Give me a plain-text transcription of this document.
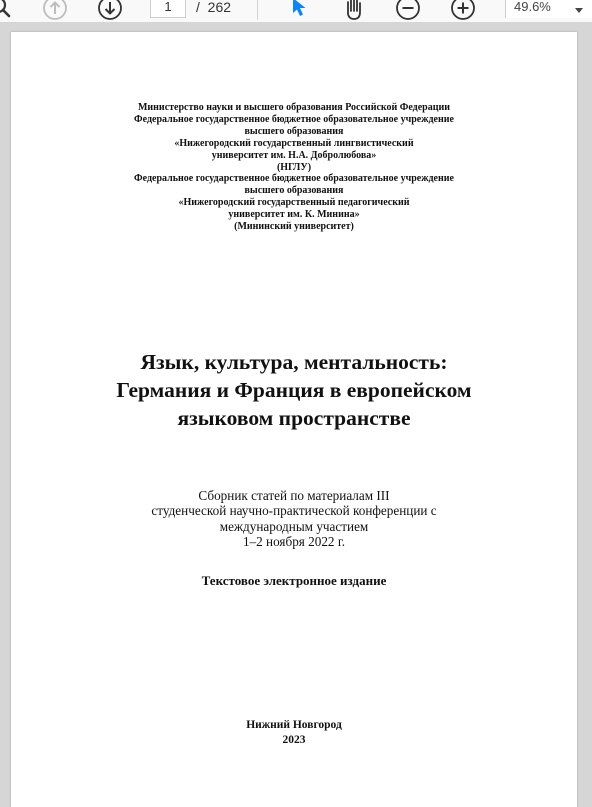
1	/  262	49.6%
Министерство науки и высшего образования Российской Федерации
Федеральное государственное бюджетное образовательное учреждение
высшего образования
«Нижегородский государственный лингвистический
университет им. Н.А. Добролюбова»
(НГЛУ)
Федеральное государственное бюджетное образовательное учреждение
высшего образования
«Нижегородский государственный педагогический
университет им. К. Минина»
(Мининский университет)
Язык, культура, ментальность:
Германия и Франция в европейском
языковом пространстве
Сборник статей по материалам III
студенческой научно-практической конференции с
международным участием
1–2 ноября 2022 г.
Текстовое электронное издание
Нижний Новгород
2023
